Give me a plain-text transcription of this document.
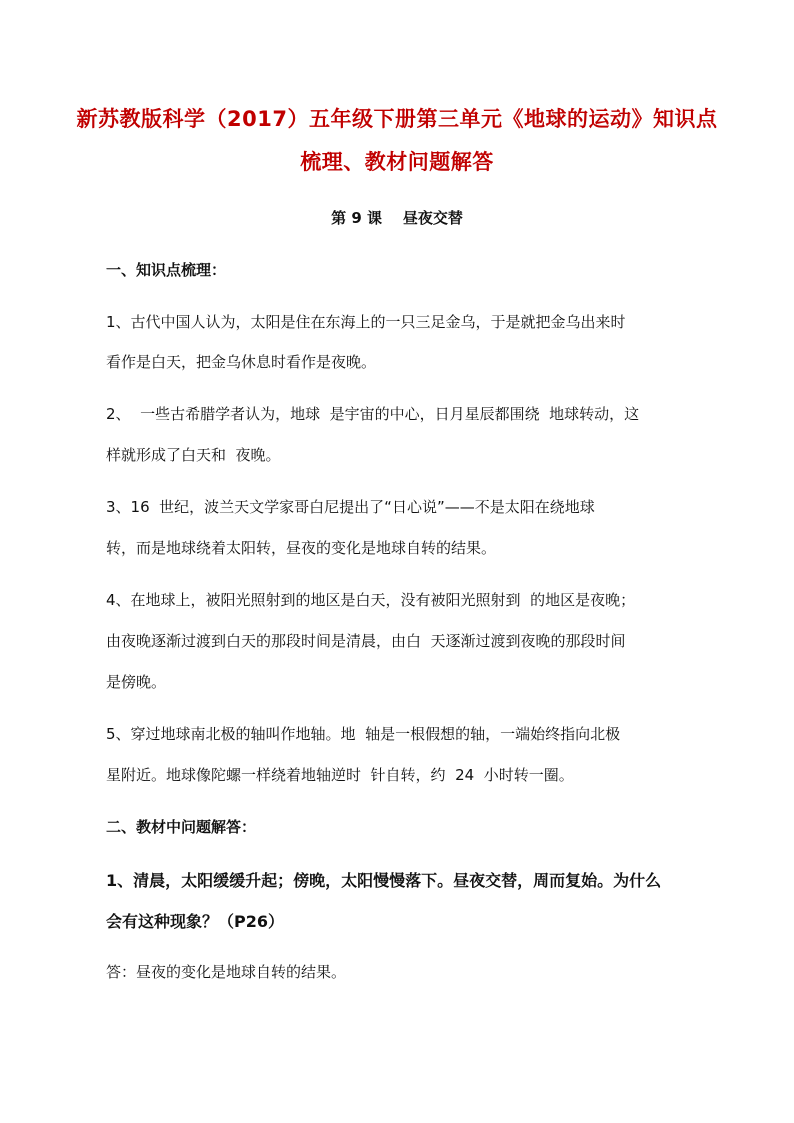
新苏教版科学（2017）五年级下册第三单元《地球的运动》知识点
梳理、教材问题解答
第 9 课    昼夜交替
一、知识点梳理：
1、古代中国人认为，太阳是住在东海上的一只三足金乌，于是就把金乌出来时
看作是白天，把金乌休息时看作是夜晚。
2、  一些古希腊学者认为，地球  是宇宙的中心，日月星辰都围绕  地球转动，这
样就形成了白天和  夜晚。
3、16  世纪，波兰天文学家哥白尼提出了“日心说”——不是太阳在绕地球
转，而是地球绕着太阳转，昼夜的变化是地球自转的结果。
4、在地球上，被阳光照射到的地区是白天，没有被阳光照射到  的地区是夜晚；
由夜晚逐渐过渡到白天的那段时间是清晨，由白  天逐渐过渡到夜晚的那段时间
是傍晚。
5、穿过地球南北极的轴叫作地轴。地  轴是一根假想的轴，一端始终指向北极
星附近。地球像陀螺一样绕着地轴逆时  针自转，约  24  小时转一圈。
二、教材中问题解答：
1、清晨，太阳缓缓升起；傍晚，太阳慢慢落下。昼夜交替，周而复始。为什么
会有这种现象？（P26）
答：昼夜的变化是地球自转的结果。
